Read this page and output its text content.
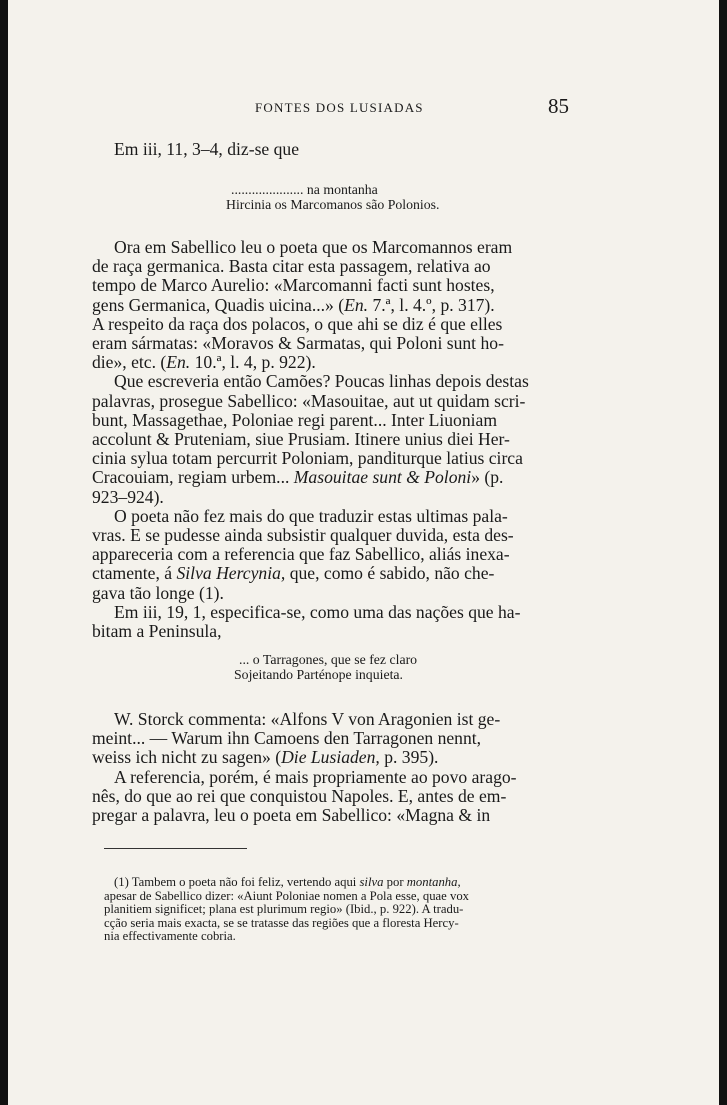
FONTES DOS LUSIADAS	85

Em iii, 11, 3–4, diz-se que

..................... na montanha
Hircinia os Marcomanos são Polonios.

Ora em Sabellico leu o poeta que os Marcomannos eram
de raça germanica. Basta citar esta passagem, relativa ao
tempo de Marco Aurelio: «Marcomanni facti sunt hostes,
gens Germanica, Quadis uicina...» (En. 7.ª, l. 4.º, p. 317).
A respeito da raça dos polacos, o que ahi se diz é que elles
eram sármatas: «Moravos & Sarmatas, qui Poloni sunt ho-
die», etc. (En. 10.ª, l. 4, p. 922).

Que escreveria então Camões? Poucas linhas depois destas
palavras, prosegue Sabellico: «Masouitae, aut ut quidam scri-
bunt, Massagethae, Poloniae regi parent... Inter Liuoniam
accolunt & Pruteniam, siue Prusiam. Itinere unius diei Her-
cinia sylua totam percurrit Poloniam, panditurque latius circa
Cracouiam, regiam urbem... Masouitae sunt & Poloni» (p.
923–924).

O poeta não fez mais do que traduzir estas ultimas pala-
vras. E se pudesse ainda subsistir qualquer duvida, esta des-
appareceria com a referencia que faz Sabellico, aliás inexa-
ctamente, á Silva Hercynia, que, como é sabido, não che-
gava tão longe (1).

Em iii, 19, 1, especifica-se, como uma das nações que ha-
bitam a Peninsula,

... o Tarragones, que se fez claro
Sojeitando Parténope inquieta.

W. Storck commenta: «Alfons V von Aragonien ist ge-
meint... — Warum ihn Camoens den Tarragonen nennt,
weiss ich nicht zu sagen» (Die Lusiaden, p. 395).

A referencia, porém, é mais propriamente ao povo arago-
nês, do que ao rei que conquistou Napoles. E, antes de em-
pregar a palavra, leu o poeta em Sabellico: «Magna & in

(1) Tambem o poeta não foi feliz, vertendo aqui silva por montanha,
apesar de Sabellico dizer: «Aiunt Poloniae nomen a Pola esse, quae vox
planitiem significet; plana est plurimum regio» (Ibid., p. 922). A tradu-
cção seria mais exacta, se se tratasse das regiões que a floresta Hercy-
nia effectivamente cobria.
